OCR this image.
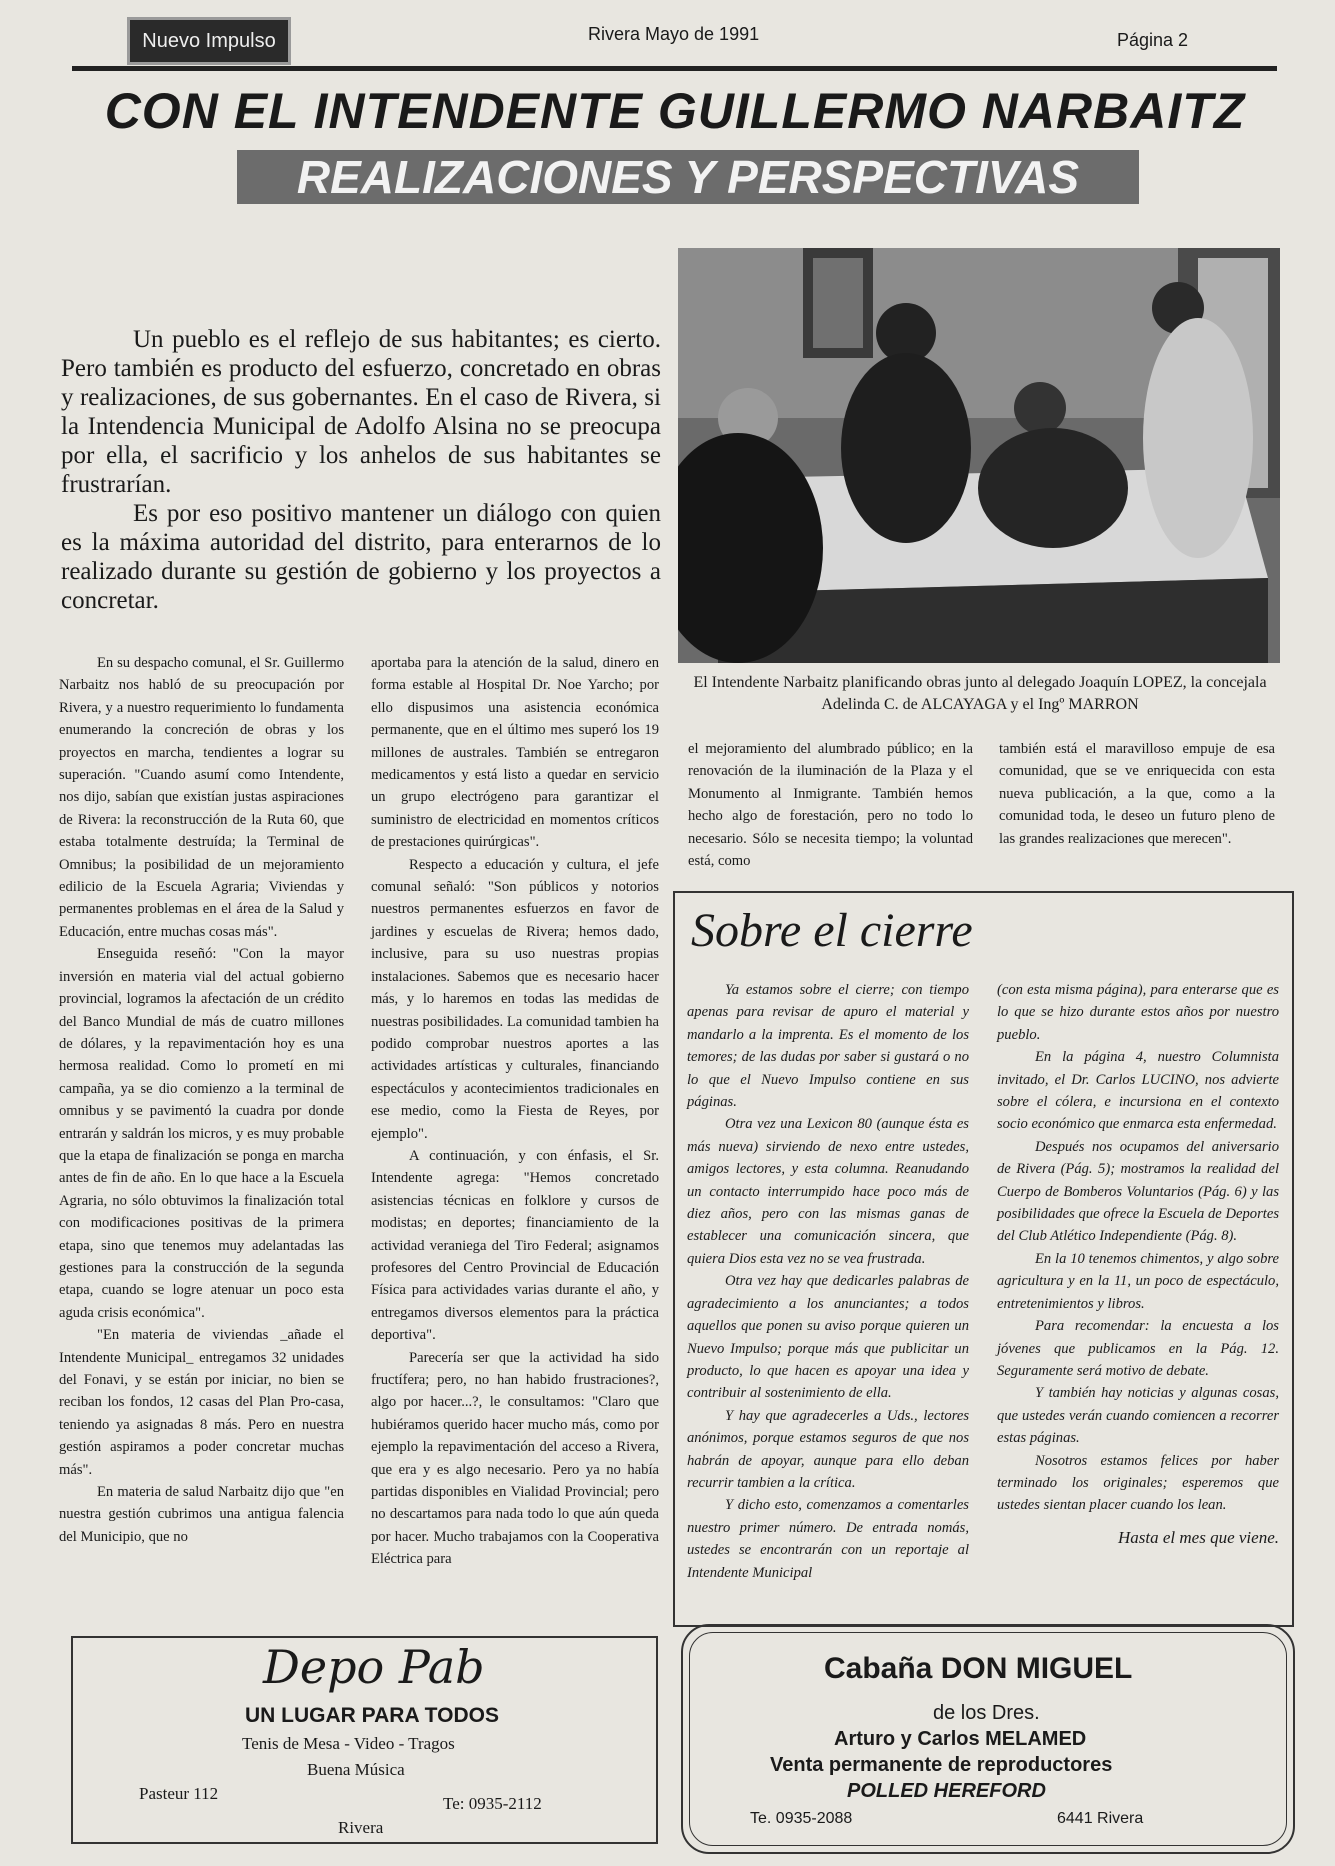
Nuevo Impulso	Rivera Mayo de 1991	Página 2
CON EL INTENDENTE GUILLERMO NARBAITZ
REALIZACIONES Y PERSPECTIVAS

Un pueblo es el reflejo de sus habitantes; es cierto. Pero también es producto del esfuerzo, concretado en obras y realizaciones, de sus gobernantes. En el caso de Rivera, si la Intendencia Municipal de Adolfo Alsina no se preocupa por ella, el sacrificio y los anhelos de sus habitantes se frustrarían.

Es por eso positivo mantener un diálogo con quien es la máxima autoridad del distrito, para enterarnos de lo realizado durante su gestión de gobierno y los proyectos a concretar.

El Intendente Narbaitz planificando obras junto al delegado Joaquín LOPEZ, la concejala Adelinda C. de ALCAYAGA y el Ingº MARRON

En su despacho comunal, el Sr. Guillermo Narbaitz nos habló de su preocupación por Rivera, y a nuestro requerimiento lo fundamenta enumerando la concreción de obras y los proyectos en marcha, tendientes a lograr su superación. "Cuando asumí como Intendente, nos dijo, sabían que existían justas aspiraciones de Rivera: la reconstrucción de la Ruta 60, que estaba totalmente destruída; la Terminal de Omnibus; la posibilidad de un mejoramiento edilicio de la Escuela Agraria; Viviendas y permanentes problemas en el área de la Salud y Educación, entre muchas cosas más".

Enseguida reseñó: "Con la mayor inversión en materia vial del actual gobierno provincial, logramos la afectación de un crédito del Banco Mundial de más de cuatro millones de dólares, y la repavimentación hoy es una hermosa realidad. Como lo prometí en mi campaña, ya se dio comienzo a la terminal de omnibus y se pavimentó la cuadra por donde entrarán y saldrán los micros, y es muy probable que la etapa de finalización se ponga en marcha antes de fin de año. En lo que hace a la Escuela Agraria, no sólo obtuvimos la finalización total con modificaciones positivas de la primera etapa, sino que tenemos muy adelantadas las gestiones para la construcción de la segunda etapa, cuando se logre atenuar un poco esta aguda crisis económica".

"En materia de viviendas _añade el Intendente Municipal_ entregamos 32 unidades del Fonavi, y se están por iniciar, no bien se reciban los fondos, 12 casas del Plan Pro-casa, teniendo ya asignadas 8 más. Pero en nuestra gestión aspiramos a poder concretar muchas más".

En materia de salud Narbaitz dijo que "en nuestra gestión cubrimos una antigua falencia del Municipio, que no

aportaba para la atención de la salud, dinero en forma estable al Hospital Dr. Noe Yarcho; por ello dispusimos una asistencia económica permanente, que en el último mes superó los 19 millones de australes. También se entregaron medicamentos y está listo a quedar en servicio un grupo electrógeno para garantizar el suministro de electricidad en momentos críticos de prestaciones quirúrgicas".

Respecto a educación y cultura, el jefe comunal señaló: "Son públicos y notorios nuestros permanentes esfuerzos en favor de jardines y escuelas de Rivera; hemos dado, inclusive, para su uso nuestras propias instalaciones. Sabemos que es necesario hacer más, y lo haremos en todas las medidas de nuestras posibilidades. La comunidad tambien ha podido comprobar nuestros aportes a las actividades artísticas y culturales, financiando espectáculos y acontecimientos tradicionales en ese medio, como la Fiesta de Reyes, por ejemplo".

A continuación, y con énfasis, el Sr. Intendente agrega: "Hemos concretado asistencias técnicas en folklore y cursos de modistas; en deportes; financiamiento de la actividad veraniega del Tiro Federal; asignamos profesores del Centro Provincial de Educación Física para actividades varias durante el año, y entregamos diversos elementos para la práctica deportiva".

Parecería ser que la actividad ha sido fructífera; pero, no han habido frustraciones?, algo por hacer...?, le consultamos: "Claro que hubiéramos querido hacer mucho más, como por ejemplo la repavimentación del acceso a Rivera, que era y es algo necesario. Pero ya no había partidas disponibles en Vialidad Provincial; pero no descartamos para nada todo lo que aún queda por hacer. Mucho trabajamos con la Cooperativa Eléctrica para

el mejoramiento del alumbrado público; en la renovación de la iluminación de la Plaza y el Monumento al Inmigrante. También hemos hecho algo de forestación, pero no todo lo necesario. Sólo se necesita tiempo; la voluntad está, como

también está el maravilloso empuje de esa comunidad, que se ve enriquecida con esta nueva publicación, a la que, como a la comunidad toda, le deseo un futuro pleno de las grandes realizaciones que merecen".

Sobre el cierre

Ya estamos sobre el cierre; con tiempo apenas para revisar de apuro el material y mandarlo a la imprenta. Es el momento de los temores; de las dudas por saber si gustará o no lo que el Nuevo Impulso contiene en sus páginas.

Otra vez una Lexicon 80 (aunque ésta es más nueva) sirviendo de nexo entre ustedes, amigos lectores, y esta columna. Reanudando un contacto interrumpido hace poco más de diez años, pero con las mismas ganas de establecer una comunicación sincera, que quiera Dios esta vez no se vea frustrada.

Otra vez hay que dedicarles palabras de agradecimiento a los anunciantes; a todos aquellos que ponen su aviso porque quieren un Nuevo Impulso; porque más que publicitar un producto, lo que hacen es apoyar una idea y contribuir al sostenimiento de ella.

Y hay que agradecerles a Uds., lectores anónimos, porque estamos seguros de que nos habrán de apoyar, aunque para ello deban recurrir tambien a la crítica.

Y dicho esto, comenzamos a comentarles nuestro primer número. De entrada nomás, ustedes se encontrarán con un reportaje al Intendente Municipal

(con esta misma página), para enterarse que es lo que se hizo durante estos años por nuestro pueblo.

En la página 4, nuestro Columnista invitado, el Dr. Carlos LUCINO, nos advierte sobre el cólera, e incursiona en el contexto socio económico que enmarca esta enfermedad.

Después nos ocupamos del aniversario de Rivera (Pág. 5); mostramos la realidad del Cuerpo de Bomberos Voluntarios (Pág. 6) y las posibilidades que ofrece la Escuela de Deportes del Club Atlético Independiente (Pág. 8).

En la 10 tenemos chimentos, y algo sobre agricultura y en la 11, un poco de espectáculo, entretenimientos y libros.

Para recomendar: la encuesta a los jóvenes que publicamos en la Pág. 12. Seguramente será motivo de debate.

Y también hay noticias y algunas cosas, que ustedes verán cuando comiencen a recorrer estas páginas.

Nosotros estamos felices por haber terminado los originales; esperemos que ustedes sientan placer cuando los lean.

Hasta el mes que viene.

Depo Pab
UN LUGAR PARA TODOS
Tenis de Mesa - Video - Tragos
Buena Música
Pasteur 112
Te: 0935-2112
Rivera
Cabaña DON MIGUEL
de los Dres.
Arturo y Carlos MELAMED
Venta permanente de reproductores
POLLED HEREFORD
Te. 0935-2088	6441 Rivera
